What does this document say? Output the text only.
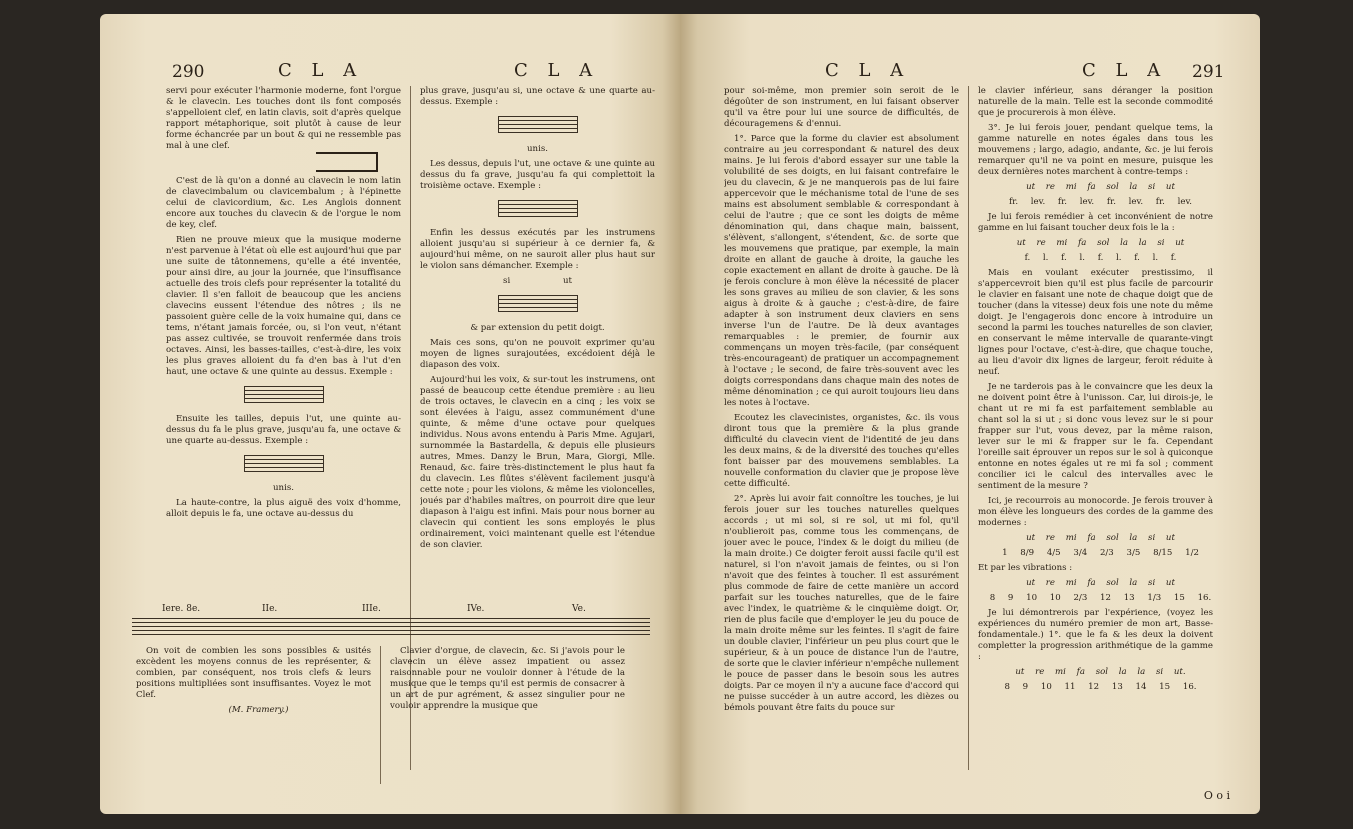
290	C L A	C L A

servi pour exécuter l'harmonie moderne, font l'orgue & le clavecin. Les touches dont ils font composés s'appelloient clef, en latin clavis, soit d'après quelque rapport métaphorique, soit plutôt à cause de leur forme échancrée par un bout & qui ne ressemble pas mal à une clef.

C'est de là qu'on a donné au clavecin le nom latin de clavecimbalum ou clavicembalum ; à l'épinette celui de clavicordium, &c. Les Anglois donnent encore aux touches du clavecin & de l'orgue le nom de key, clef.

Rien ne prouve mieux que la musique moderne n'est parvenue à l'état où elle est aujourd'hui que par une suite de tâtonnemens, qu'elle a été inventée, pour ainsi dire, au jour la journée, que l'insuffisance actuelle des trois clefs pour représenter la totalité du clavier. Il s'en falloit de beaucoup que les anciens clavecins eussent l'étendue des nôtres ; ils ne passoient guère celle de la voix humaine qui, dans ce tems, n'étant jamais forcée, ou, si l'on veut, n'étant pas assez cultivée, se trouvoit renfermée dans trois octaves. Ainsi, les basses-tailles, c'est-à-dire, les voix les plus graves alloient du fa d'en bas à l'ut d'en haut, une octave & une quinte au dessus. Exemple :

Ensuite les tailles, depuis l'ut, une quinte au-dessus du fa le plus grave, jusqu'au fa, une octave & une quarte au-dessus. Exemple :

unis.

La haute-contre, la plus aiguë des voix d'homme, alloit depuis le fa, une octave au-dessus du

plus grave, jusqu'au si, une octave & une quarte au-dessus. Exemple :

unis.

Les dessus, depuis l'ut, une octave & une quinte au dessus du fa grave, jusqu'au fa qui complettoit la troisième octave. Exemple :

Enfin les dessus exécutés par les instrumens alloient jusqu'au si supérieur à ce dernier fa, & aujourd'hui même, on ne sauroit aller plus haut sur le violon sans démancher. Exemple :

si	ut

& par extension du petit doigt.

Mais ces sons, qu'on ne pouvoit exprimer qu'au moyen de lignes surajoutées, excédoient déjà le diapason des voix.

Aujourd'hui les voix, & sur-tout les instrumens, ont passé de beaucoup cette étendue première : au lieu de trois octaves, le clavecin en a cinq ; les voix se sont élevées à l'aigu, assez communément d'une quinte, & même d'une octave pour quelques individus. Nous avons entendu à Paris Mme. Agujari, surnommée la Bastardella, & depuis elle plusieurs autres, Mmes. Danzy le Brun, Mara, Giorgi, Mlle. Renaud, &c. faire très-distinctement le plus haut fa du clavecin. Les flûtes s'élèvent facilement jusqu'à cette note ; pour les violons, & même les violoncelles, joués par d'habiles maîtres, on pourroit dire que leur diapason à l'aigu est infini. Mais pour nous borner au clavecin qui contient les sons employés le plus ordinairement, voici maintenant quelle est l'étendue de son clavier.

Iere. 8e.	IIe.	IIIe.	IVe.	Ve.

On voit de combien les sons possibles & usités excèdent les moyens connus de les représenter, & combien, par conséquent, nos trois clefs & leurs positions multipliées sont insuffisantes. Voyez le mot Clef.

(M. Framery.)

Clavier d'orgue, de clavecin, &c. Si j'avois pour le clavecin un élève assez impatient ou assez raisonnable pour ne vouloir donner à l'étude de la musique que le temps qu'il est permis de consacrer à un art de pur agrément, & assez singulier pour ne vouloir apprendre la musique que

C L A	C L A 291

pour soi-même, mon premier soin seroit de le dégoûter de son instrument, en lui faisant observer qu'il va être pour lui une source de difficultés, de découragemens & d'ennui.

1°. Parce que la forme du clavier est absolument contraire au jeu correspondant & naturel des deux mains. Je lui ferois d'abord essayer sur une table la volubilité de ses doigts, en lui faisant contrefaire le jeu du clavecin, & je ne manquerois pas de lui faire appercevoir que le méchanisme total de l'une de ses mains est absolument semblable & correspondant à celui de l'autre ; que ce sont les doigts de même dénomination qui, dans chaque main, baissent, s'élèvent, s'allongent, s'étendent, &c. de sorte que les mouvemens que pratique, par exemple, la main droite en allant de gauche à droite, la gauche les copie exactement en allant de droite à gauche. De là je ferois conclure à mon élève la nécessité de placer les sons graves au milieu de son clavier, & les sons aigus à droite & à gauche ; c'est-à-dire, de faire adapter à son instrument deux claviers en sens inverse l'un de l'autre. De là deux avantages remarquables : le premier, de fournir aux commençans un moyen très-facile, (par conséquent très-encourageant) de pratiquer un accompagnement à l'octave ; le second, de faire très-souvent avec les doigts correspondans dans chaque main des notes de même dénomination ; ce qui auroit toujours lieu dans les notes à l'octave.

Ecoutez les clavecinistes, organistes, &c. ils vous diront tous que la première & la plus grande difficulté du clavecin vient de l'identité de jeu dans les deux mains, & de la diversité des touches qu'elles font baisser par des mouvemens semblables. La nouvelle conformation du clavier que je propose lève cette difficulté.

2°. Après lui avoir fait connoître les touches, je lui ferois jouer sur les touches naturelles quelques accords ; ut mi sol, si re sol, ut mi fol, qu'il n'oublieroit pas, comme tous les commençans, de jouer avec le pouce, l'index & le doigt du milieu (de la main droite.) Ce doigter feroit aussi facile qu'il est naturel, si l'on n'avoit jamais de feintes, ou si l'on n'avoit que des feintes à toucher. Il est assurément plus commode de faire de cette manière un accord parfait sur les touches naturelles, que de le faire avec l'index, le quatrième & le cinquième doigt. Or, rien de plus facile que d'employer le jeu du pouce de la main droite même sur les feintes. Il s'agit de faire un double clavier, l'inférieur un peu plus court que le supérieur, & à un pouce de distance l'un de l'autre, de sorte que le clavier inférieur n'empêche nullement le pouce de passer dans le besoin sous les autres doigts. Par ce moyen il n'y a aucune face d'accord qui ne puisse succéder à un autre accord, les dièzes ou bémols pouvant être faits du pouce sur

le clavier inférieur, sans déranger la position naturelle de la main. Telle est la seconde commodité que je procurerois à mon élève.

3°. Je lui ferois jouer, pendant quelque tems, la gamme naturelle en notes égales dans tous les mouvemens ; largo, adagio, andante, &c. je lui ferois remarquer qu'il ne va point en mesure, puisque les deux dernières notes marchent à contre-temps :

ut re mi fa sol la si ut

fr. lev. fr. lev. fr. lev. fr. lev.

Je lui ferois remédier à cet inconvénient de notre gamme en lui faisant toucher deux fois le la :

ut re mi fa sol la la si ut

f. l. f. l. f. l. f. l. f.

Mais en voulant exécuter prestissimo, il s'appercevroit bien qu'il est plus facile de parcourir le clavier en faisant une note de chaque doigt que de toucher (dans la vitesse) deux fois une note du même doigt. Je l'engagerois donc encore à introduire un second la parmi les touches naturelles de son clavier, en conservant le même intervalle de quarante-vingt lignes pour l'octave, c'est-à-dire, que chaque touche, au lieu d'avoir dix lignes de largeur, feroit réduite à neuf.

Je ne tarderois pas à le convaincre que les deux la ne doivent point être à l'unisson. Car, lui dirois-je, le chant ut re mi fa est parfaitement semblable au chant sol la si ut ; si donc vous levez sur le si pour frapper sur l'ut, vous devez, par la même raison, lever sur le mi & frapper sur le fa. Cependant l'oreille sait éprouver un repos sur le sol à quiconque entonne en notes égales ut re mi fa sol ; comment concilier ici le calcul des intervalles avec le sentiment de la mesure ?

Ici, je recourrois au monocorde. Je ferois trouver à mon élève les longueurs des cordes de la gamme des modernes :

ut re mi fa sol la si ut

1 8/9 4/5 3/4 2/3 3/5 8/15 1/2

Et par les vibrations :

ut re mi fa sol la si ut

8 9 10 10 2/3 12 13 1/3 15 16.

Je lui démontrerois par l'expérience, (voyez les expériences du numéro premier de mon art, Basse-fondamentale.) 1°. que le fa & les deux la doivent completter la progression arithmétique de la gamme :

ut re mi fa sol la la si ut.

8 9 10 11 12 13 14 15 16.

O o i
